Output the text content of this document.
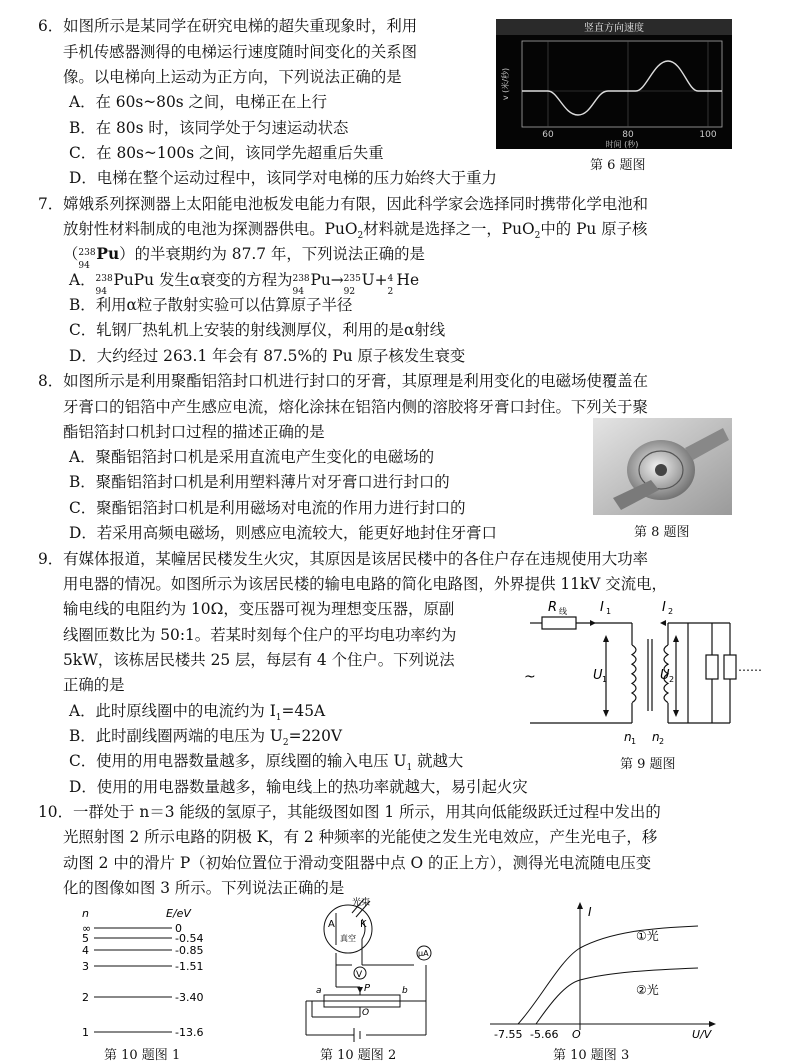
6．如图所示是某同学在研究电梯的超失重现象时，利用
手机传感器测得的电梯运行速度随时间变化的关系图
像。以电梯向上运动为正方向，下列说法正确的是
A．在 60s~80s 之间，电梯正在上行
B．在 80s 时，该同学处于匀速运动状态
C．在 80s~100s 之间，该同学先超重后失重
D．电梯在整个运动过程中，该同学对电梯的压力始终大于重力
竖直方向速度
v (米/秒)
60	80	100
时间 (秒)
第 6 题图
7．嫦娥系列探测器上太阳能电池板发电能力有限，因此科学家会选择同时携带化学电池和
放射性材料制成的电池为探测器供电。PuO$_2$材料就是选择之一，PuO$_2$中的 Pu 原子核
（ 238
94
Pu）的半衰期约为 87.7 年，下列说法正确的是
A． 238
94
PuPu 发生α衰变的方程为 238
94
Pu→ 235
92
U+ 4
2
He
B．利用α粒子散射实验可以估算原子半径
C．轧钢厂热轧机上安装的射线测厚仪，利用的是α射线
D．大约经过 263.1 年会有 87.5%的 Pu 原子核发生衰变
8．如图所示是利用聚酯铝箔封口机进行封口的牙膏，其原理是利用变化的电磁场使覆盖在
牙膏口的铝箔中产生感应电流，熔化涂抹在铝箔内侧的溶胶将牙膏口封住。下列关于聚
酯铝箔封口机封口过程的描述正确的是
A．聚酯铝箔封口机是采用直流电产生变化的电磁场的
B．聚酯铝箔封口机是利用塑料薄片对牙膏口进行封口的
C．聚酯铝箔封口机是利用磁场对电流的作用力进行封口的
D．若采用高频电磁场，则感应电流较大，能更好地封住牙膏口	第 8 题图
9．有媒体报道，某幢居民楼发生火灾，其原因是该居民楼中的各住户存在违规使用大功率
用电器的情况。如图所示为该居民楼的输电电路的简化电路图，外界提供 11kV 交流电，
输电线的电阻约为 10Ω，变压器可视为理想变压器，原副
线圈匝数比为 50:1。若某时刻每个住户的平均电功率约为
5kW，该栋居民楼共 25 层，每层有 4 个住户。下列说法
正确的是
A．此时原线圈中的电流约为 $I_1=45A$
B．此时副线圈两端的电压为 $U_2=220V$
C．使用的用电器数量越多，原线圈的输入电压 $U_1$ 就越大
D．使用的用电器数量越多，输电线上的热功率就越大，易引起火灾
R 线	I 1	I 2
U 1	U 2
n 1 n 2
~
……
第 9 题图
10．一群处于 n＝3 能级的氢原子，其能级图如图 1 所示，用其向低能级跃迁过程中发出的
光照射图 2 所示电路的阴极 K，有 2 种频率的光能使之发生光电效应，产生光电子，移
动图 2 中的滑片 P（初始位置位于滑动变阻器中点 O 的正上方），测得光电流随电压变
化的图像如图 3 所示。下列说法正确的是
n	E/eV
∞	0
5	-0.54
4	-0.85
3	-1.51
2	-3.40
1	-13.6
第 10 题图 1
光束
K
A
真空
V
μA
a	P	b
O
第 10 题图 2
I
U/V
O
-7.55 -5.66
①光
②光
第 10 题图 3
